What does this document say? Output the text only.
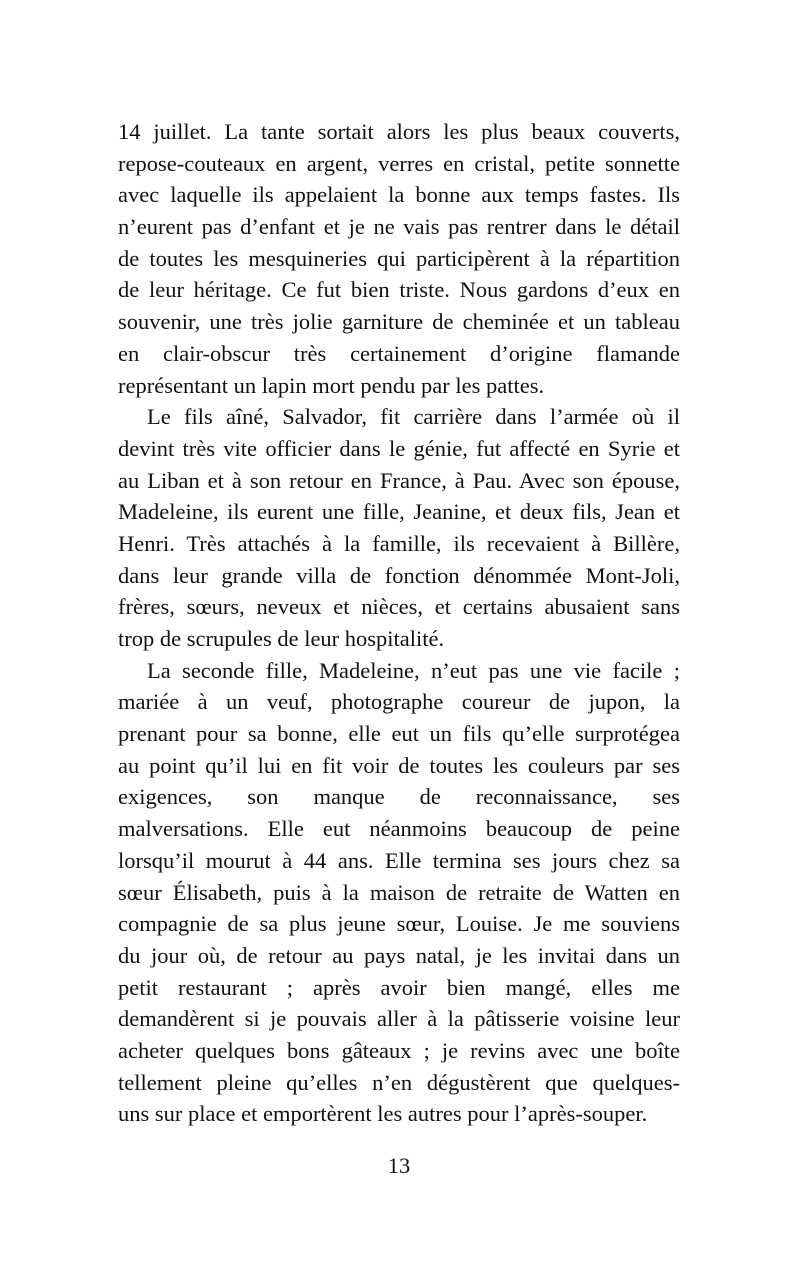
14 juillet. La tante sortait alors les plus beaux couverts,
repose-couteaux en argent, verres en cristal, petite sonnette
avec laquelle ils appelaient la bonne aux temps fastes. Ils
n’eurent pas d’enfant et je ne vais pas rentrer dans le détail
de toutes les mesquineries qui participèrent à la répartition
de leur héritage. Ce fut bien triste. Nous gardons d’eux en
souvenir, une très jolie garniture de cheminée et un tableau
en clair-obscur très certainement d’origine flamande
représentant un lapin mort pendu par les pattes.
Le fils aîné, Salvador, fit carrière dans l’armée où il
devint très vite officier dans le génie, fut affecté en Syrie et
au Liban et à son retour en France, à Pau. Avec son épouse,
Madeleine, ils eurent une fille, Jeanine, et deux fils, Jean et
Henri. Très attachés à la famille, ils recevaient à Billère,
dans leur grande villa de fonction dénommée Mont-Joli,
frères, sœurs, neveux et nièces, et certains abusaient sans
trop de scrupules de leur hospitalité.
La seconde fille, Madeleine, n’eut pas une vie facile ;
mariée à un veuf, photographe coureur de jupon, la
prenant pour sa bonne, elle eut un fils qu’elle surprotégea
au point qu’il lui en fit voir de toutes les couleurs par ses
exigences, son manque de reconnaissance, ses
malversations. Elle eut néanmoins beaucoup de peine
lorsqu’il mourut à 44 ans. Elle termina ses jours chez sa
sœur Élisabeth, puis à la maison de retraite de Watten en
compagnie de sa plus jeune sœur, Louise. Je me souviens
du jour où, de retour au pays natal, je les invitai dans un
petit restaurant ; après avoir bien mangé, elles me
demandèrent si je pouvais aller à la pâtisserie voisine leur
acheter quelques bons gâteaux ; je revins avec une boîte
tellement pleine qu’elles n’en dégustèrent que quelques-
uns sur place et emportèrent les autres pour l’après-souper.
13
